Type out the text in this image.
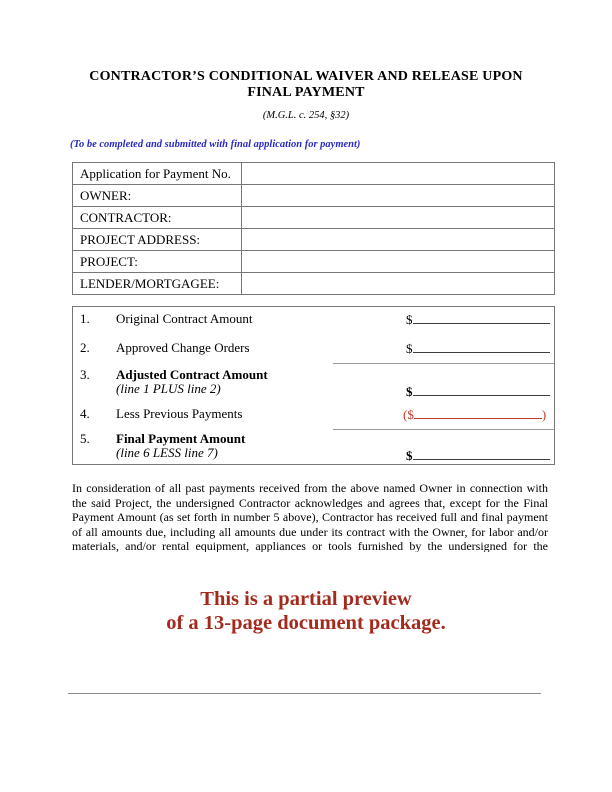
CONTRACTOR’S CONDITIONAL WAIVER AND RELEASE UPON
FINAL PAYMENT
(M.G.L. c. 254, §32)
(To be completed and submitted with final application for payment)
Application for Payment No.	
OWNER:	
CONTRACTOR:	
PROJECT ADDRESS:	
PROJECT:	
LENDER/MORTGAGEE:	
1. Original Contract Amount	$
2. Approved Change Orders	$
3. Adjusted Contract Amount
(line 1 PLUS line 2)	$
4. Less Previous Payments	($	)
5. Final Payment Amount
(line 6 LESS line 7)	$
In consideration of all past payments received from the above named Owner in connection with
the said Project, the undersigned Contractor acknowledges and agrees that, except for the Final
Payment Amount (as set forth in number 5 above), Contractor has received full and final payment
of all amounts due, including all amounts due under its contract with the Owner, for labor and/or
materials, and/or rental equipment, appliances or tools furnished by the undersigned for the
This is a partial preview
of a 13-page document package.
